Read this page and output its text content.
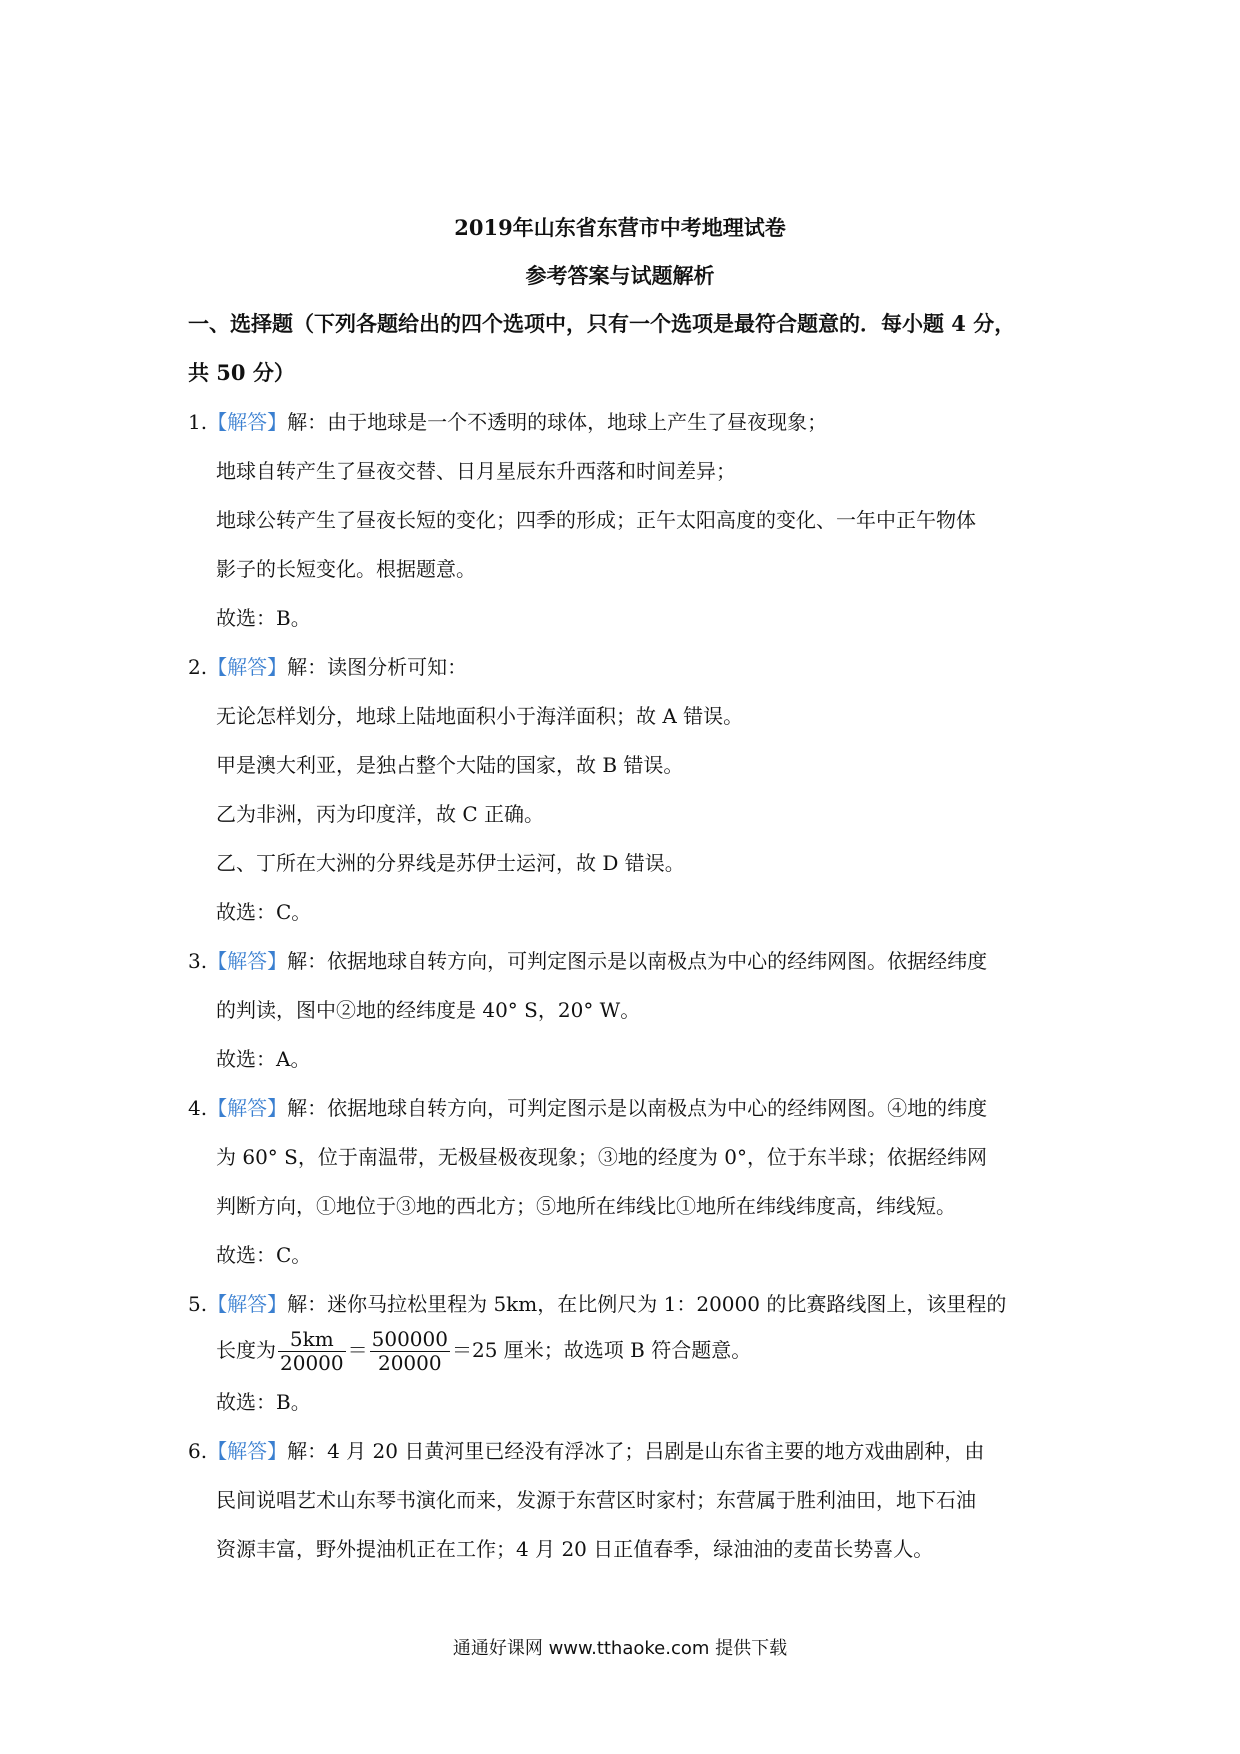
2019年山东省东营市中考地理试卷
参考答案与试题解析
一、选择题（下列各题给出的四个选项中，只有一个选项是最符合题意的．每小题 4 分，
共 50 分）
1.【解答】解：由于地球是一个不透明的球体，地球上产生了昼夜现象；
地球自转产生了昼夜交替、日月星辰东升西落和时间差异；
地球公转产生了昼夜长短的变化；四季的形成；正午太阳高度的变化、一年中正午物体
影子的长短变化。根据题意。
故选：B。
2.【解答】解：读图分析可知：
无论怎样划分，地球上陆地面积小于海洋面积；故 A 错误。
甲是澳大利亚，是独占整个大陆的国家，故 B 错误。
乙为非洲，丙为印度洋，故 C 正确。
乙、丁所在大洲的分界线是苏伊士运河，故 D 错误。
故选：C。
3.【解答】解：依据地球自转方向，可判定图示是以南极点为中心的经纬网图。依据经纬度
的判读，图中②地的经纬度是 40° S，20° W。
故选：A。
4.【解答】解：依据地球自转方向，可判定图示是以南极点为中心的经纬网图。④地的纬度
为 60° S，位于南温带，无极昼极夜现象；③地的经度为 0°，位于东半球；依据经纬网
判断方向，①地位于③地的西北方；⑤地所在纬线比①地所在纬线纬度高，纬线短。
故选：C。
5.【解答】解：迷你马拉松里程为 5km，在比例尺为 1：20000 的比赛路线图上，该里程的
长度为 $\frac{5km}{20000} = \frac{500000}{20000} =25$ 厘米；故选项 B 符合题意。
故选：B。
6.【解答】解：4 月 20 日黄河里已经没有浮冰了；吕剧是山东省主要的地方戏曲剧种，由
民间说唱艺术山东琴书演化而来，发源于东营区时家村；东营属于胜利油田，地下石油
资源丰富，野外提油机正在工作；4 月 20 日正值春季，绿油油的麦苗长势喜人。
通通好课网 www.tthaoke.com 提供下载
